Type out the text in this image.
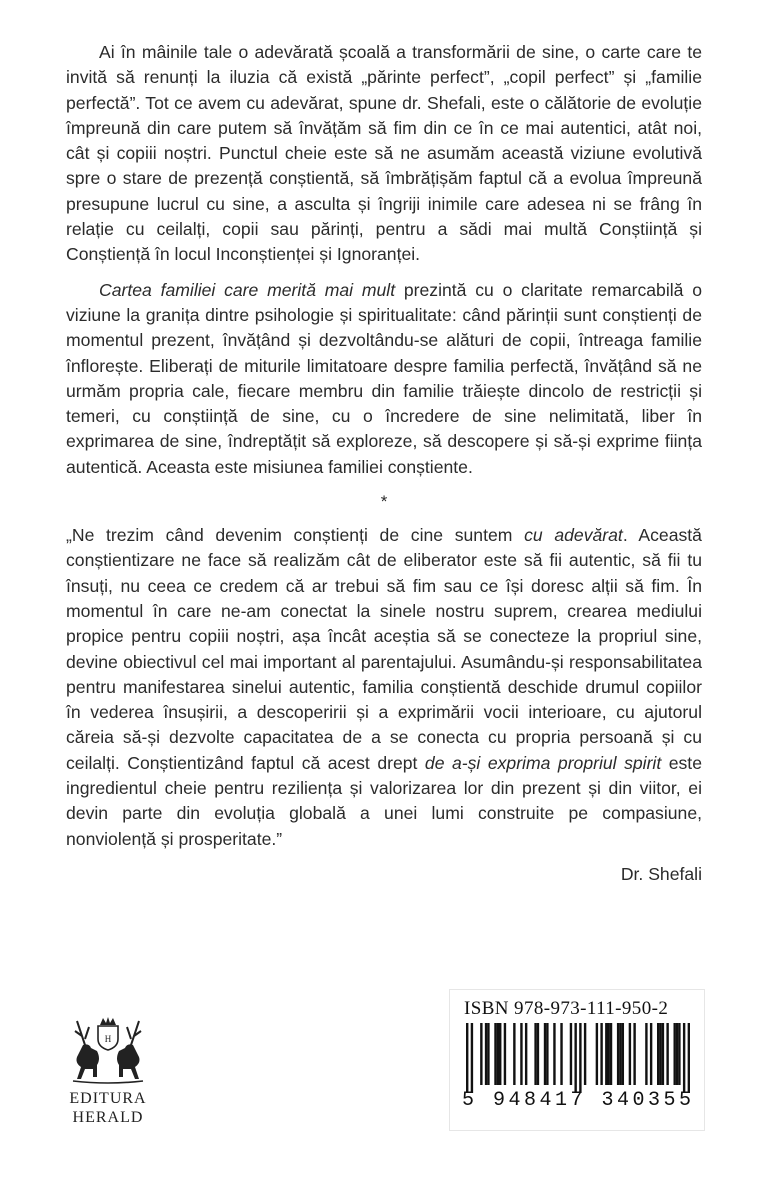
Ai în mâinile tale o adevărată școală a transformării de sine, o carte care te invită să renunți la iluzia că există „părinte perfect”, „copil perfect” și „familie perfectă”. Tot ce avem cu adevărat, spune dr. Shefali, este o călătorie de evoluție împreună din care putem să învățăm să fim din ce în ce mai autentici, atât noi, cât și copiii noștri. Punctul cheie este să ne asumăm această viziune evolutivă spre o stare de prezență conștientă, să îmbrățișăm faptul că a evolua împreună presupune lucrul cu sine, a asculta și îngriji inimile care adesea ni se frâng în relație cu ceilalți, copii sau părinți, pentru a sădi mai multă Conștiință și Conștiență în locul Inconștienței și Ignoranței.

Cartea familiei care merită mai mult prezintă cu o claritate remarcabilă o viziune la granița dintre psihologie și spiritualitate: când părinții sunt conștienți de momentul prezent, învățând și dezvoltându-se alături de copii, întreaga familie înflorește. Eliberați de miturile limitatoare despre familia perfectă, învățând să ne urmăm propria cale, fiecare membru din familie trăiește dincolo de restricții și temeri, cu conștiință de sine, cu o încredere de sine nelimitată, liber în exprimarea de sine, îndreptățit să exploreze, să descopere și să-și exprime ființa autentică. Aceasta este misiunea familiei conștiente.

*

„Ne trezim când devenim conștienți de cine suntem cu adevărat. Această conștientizare ne face să realizăm cât de eliberator este să fii autentic, să fii tu însuți, nu ceea ce credem că ar trebui să fim sau ce își doresc alții să fim. În momentul în care ne-am conectat la sinele nostru suprem, crearea mediului propice pentru copiii noștri, așa încât aceștia să se conecteze la propriul sine, devine obiectivul cel mai important al parentajului. Asumându-și responsabilitatea pentru manifestarea sinelui autentic, familia conștientă deschide drumul copiilor în vederea însușirii, a descoperirii și a exprimării vocii interioare, cu ajutorul căreia să-și dezvolte capacitatea de a se conecta cu propria persoană și cu ceilalți. Conștientizând faptul că acest drept de a-și exprima propriul spirit este ingredientul cheie pentru reziliența și valorizarea lor din prezent și din viitor, ei devin parte din evoluția globală a unei lumi construite pe compasiune, nonviolență și prosperitate.”

Dr. Shefali
H
EDITURA
HERALD
ISBN 978-973-111-950-2
5 948417 340355
